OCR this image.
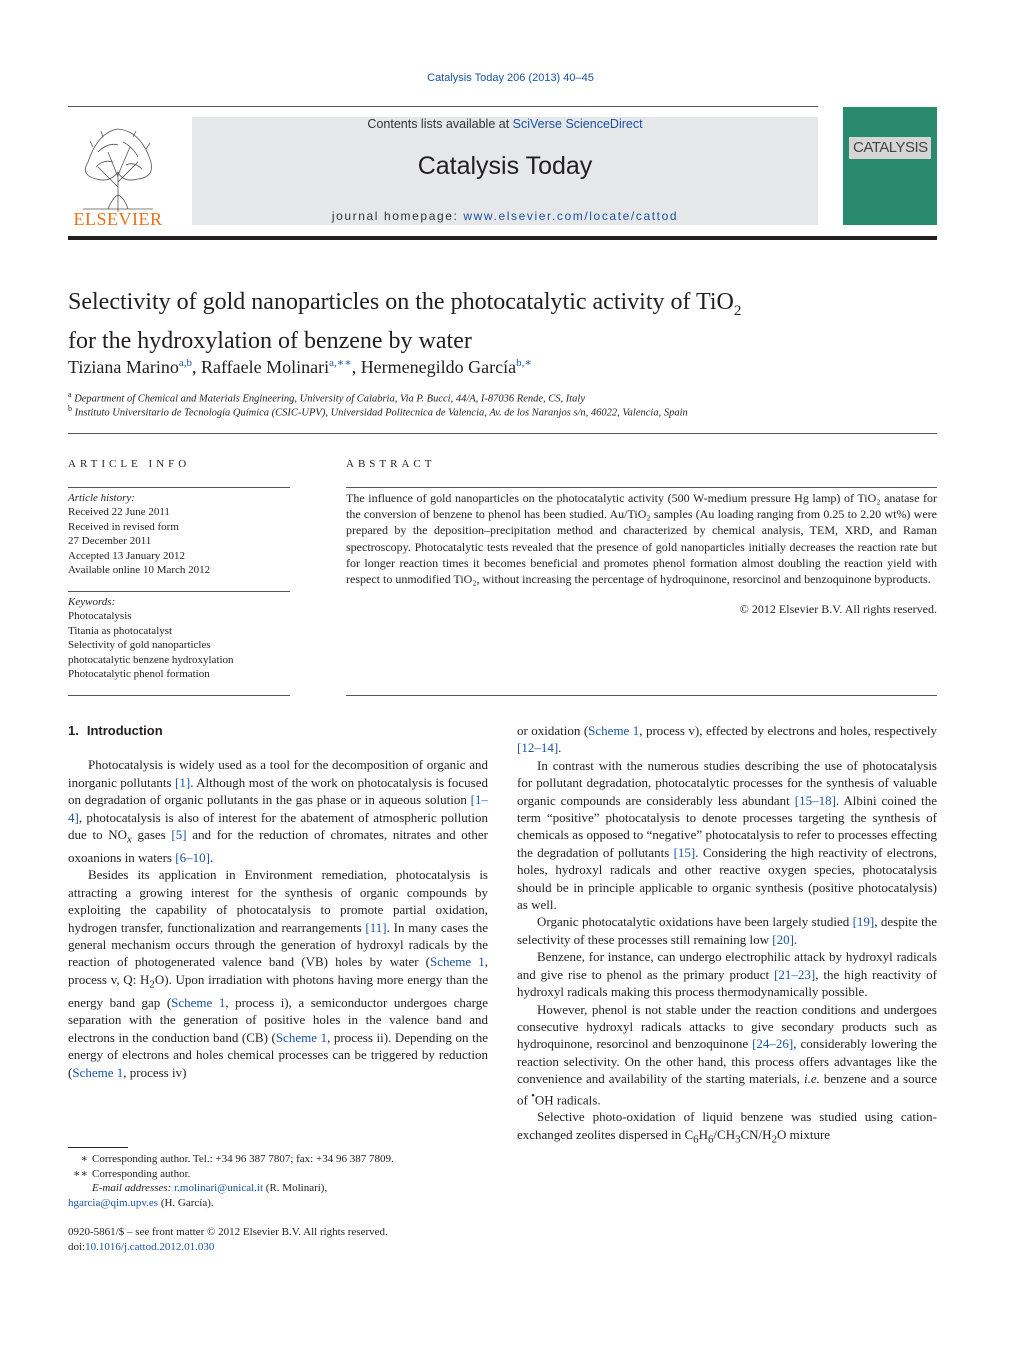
Catalysis Today 206 (2013) 40–45
ELSEVIER
Contents lists available at SciVerse ScienceDirect
Catalysis Today
journal homepage: www.elsevier.com/locate/cattod
CATALYSIS
Selectivity of gold nanoparticles on the photocatalytic activity of TiO$_2$
for the hydroxylation of benzene by water
Tiziana Marino$^{a,b}$, Raffaele Molinari$^{a,∗∗}$, Hermenegildo García$^{b,∗}$
$^a$ Department of Chemical and Materials Engineering, University of Calabria, Via P. Bucci, 44/A, I-87036 Rende, CS, Italy
$^b$ Instituto Universitario de Tecnología Química (CSIC-UPV), Universidad Politecnica de Valencia, Av. de los Naranjos s/n, 46022, Valencia, Spain
ARTICLE INFO
Article history:
Received 22 June 2011
Received in revised form
27 December 2011
Accepted 13 January 2012
Available online 10 March 2012
Keywords:
Photocatalysis
Titania as photocatalyst
Selectivity of gold nanoparticles
photocatalytic benzene hydroxylation
Photocatalytic phenol formation
ABSTRACT
The influence of gold nanoparticles on the photocatalytic activity (500 W-medium pressure Hg lamp) of TiO₂ anatase for the conversion of benzene to phenol has been studied. Au/TiO₂ samples (Au loading ranging from 0.25 to 2.20 wt%) were prepared by the deposition–precipitation method and characterized by chemical analysis, TEM, XRD, and Raman spectroscopy. Photocatalytic tests revealed that the presence of gold nanoparticles initially decreases the reaction rate but for longer reaction times it becomes beneficial and promotes phenol formation almost doubling the reaction yield with respect to unmodified TiO₂, without increasing the percentage of hydroquinone, resorcinol and benzoquinone byproducts.
© 2012 Elsevier B.V. All rights reserved.
1. Introduction

Photocatalysis is widely used as a tool for the decomposition of organic and inorganic pollutants [1]. Although most of the work on photocatalysis is focused on degradation of organic pollutants in the gas phase or in aqueous solution [1–4], photocatalysis is also of interest for the abatement of atmospheric pollution due to $NO_x$ gases [5] and for the reduction of chromates, nitrates and other oxoanions in waters [6–10].

Besides its application in Environment remediation, photocatalysis is attracting a growing interest for the synthesis of organic compounds by exploiting the capability of photocatalysis to promote partial oxidation, hydrogen transfer, functionalization and rearrangements [11]. In many cases the general mechanism occurs through the generation of hydroxyl radicals by the reaction of photogenerated valence band (VB) holes by water (Scheme 1, process v, Q: $H_2O$). Upon irradiation with photons having more energy than the energy band gap (Scheme 1, process i), a semiconductor undergoes charge separation with the generation of positive holes in the valence band and electrons in the conduction band (CB) (Scheme 1, process ii). Depending on the energy of electrons and holes chemical processes can be triggered by reduction (Scheme 1, process iv)

or oxidation (Scheme 1, process v), effected by electrons and holes, respectively [12–14].

In contrast with the numerous studies describing the use of photocatalysis for pollutant degradation, photocatalytic processes for the synthesis of valuable organic compounds are considerably less abundant [15–18]. Albini coined the term “positive” photocatalysis to denote processes targeting the synthesis of chemicals as opposed to “negative” photocatalysis to refer to processes effecting the degradation of pollutants [15]. Considering the high reactivity of electrons, holes, hydroxyl radicals and other reactive oxygen species, photocatalysis should be in principle applicable to organic synthesis (positive photocatalysis) as well.

Organic photocatalytic oxidations have been largely studied [19], despite the selectivity of these processes still remaining low [20].

Benzene, for instance, can undergo electrophilic attack by hydroxyl radicals and give rise to phenol as the primary product [21–23], the high reactivity of hydroxyl radicals making this process thermodynamically possible.

However, phenol is not stable under the reaction conditions and undergoes consecutive hydroxyl radicals attacks to give secondary products such as hydroquinone, resorcinol and benzoquinone [24–26], considerably lowering the reaction selectivity. On the other hand, this process offers advantages like the convenience and availability of the starting materials, i.e. benzene and a source of •OH radicals.

Selective photo-oxidation of liquid benzene was studied using cation-exchanged zeolites dispersed in $C_6H_6/CH_3CN/H_2O$ mixture

∗ Corresponding author. Tel.: +34 96 387 7807; fax: +34 96 387 7809.
∗∗ Corresponding author.
E-mail addresses: r.molinari@unical.it (R. Molinari),
hgarcia@qim.upv.es (H. García).
0920-5861/$ – see front matter © 2012 Elsevier B.V. All rights reserved.
doi:10.1016/j.cattod.2012.01.030
